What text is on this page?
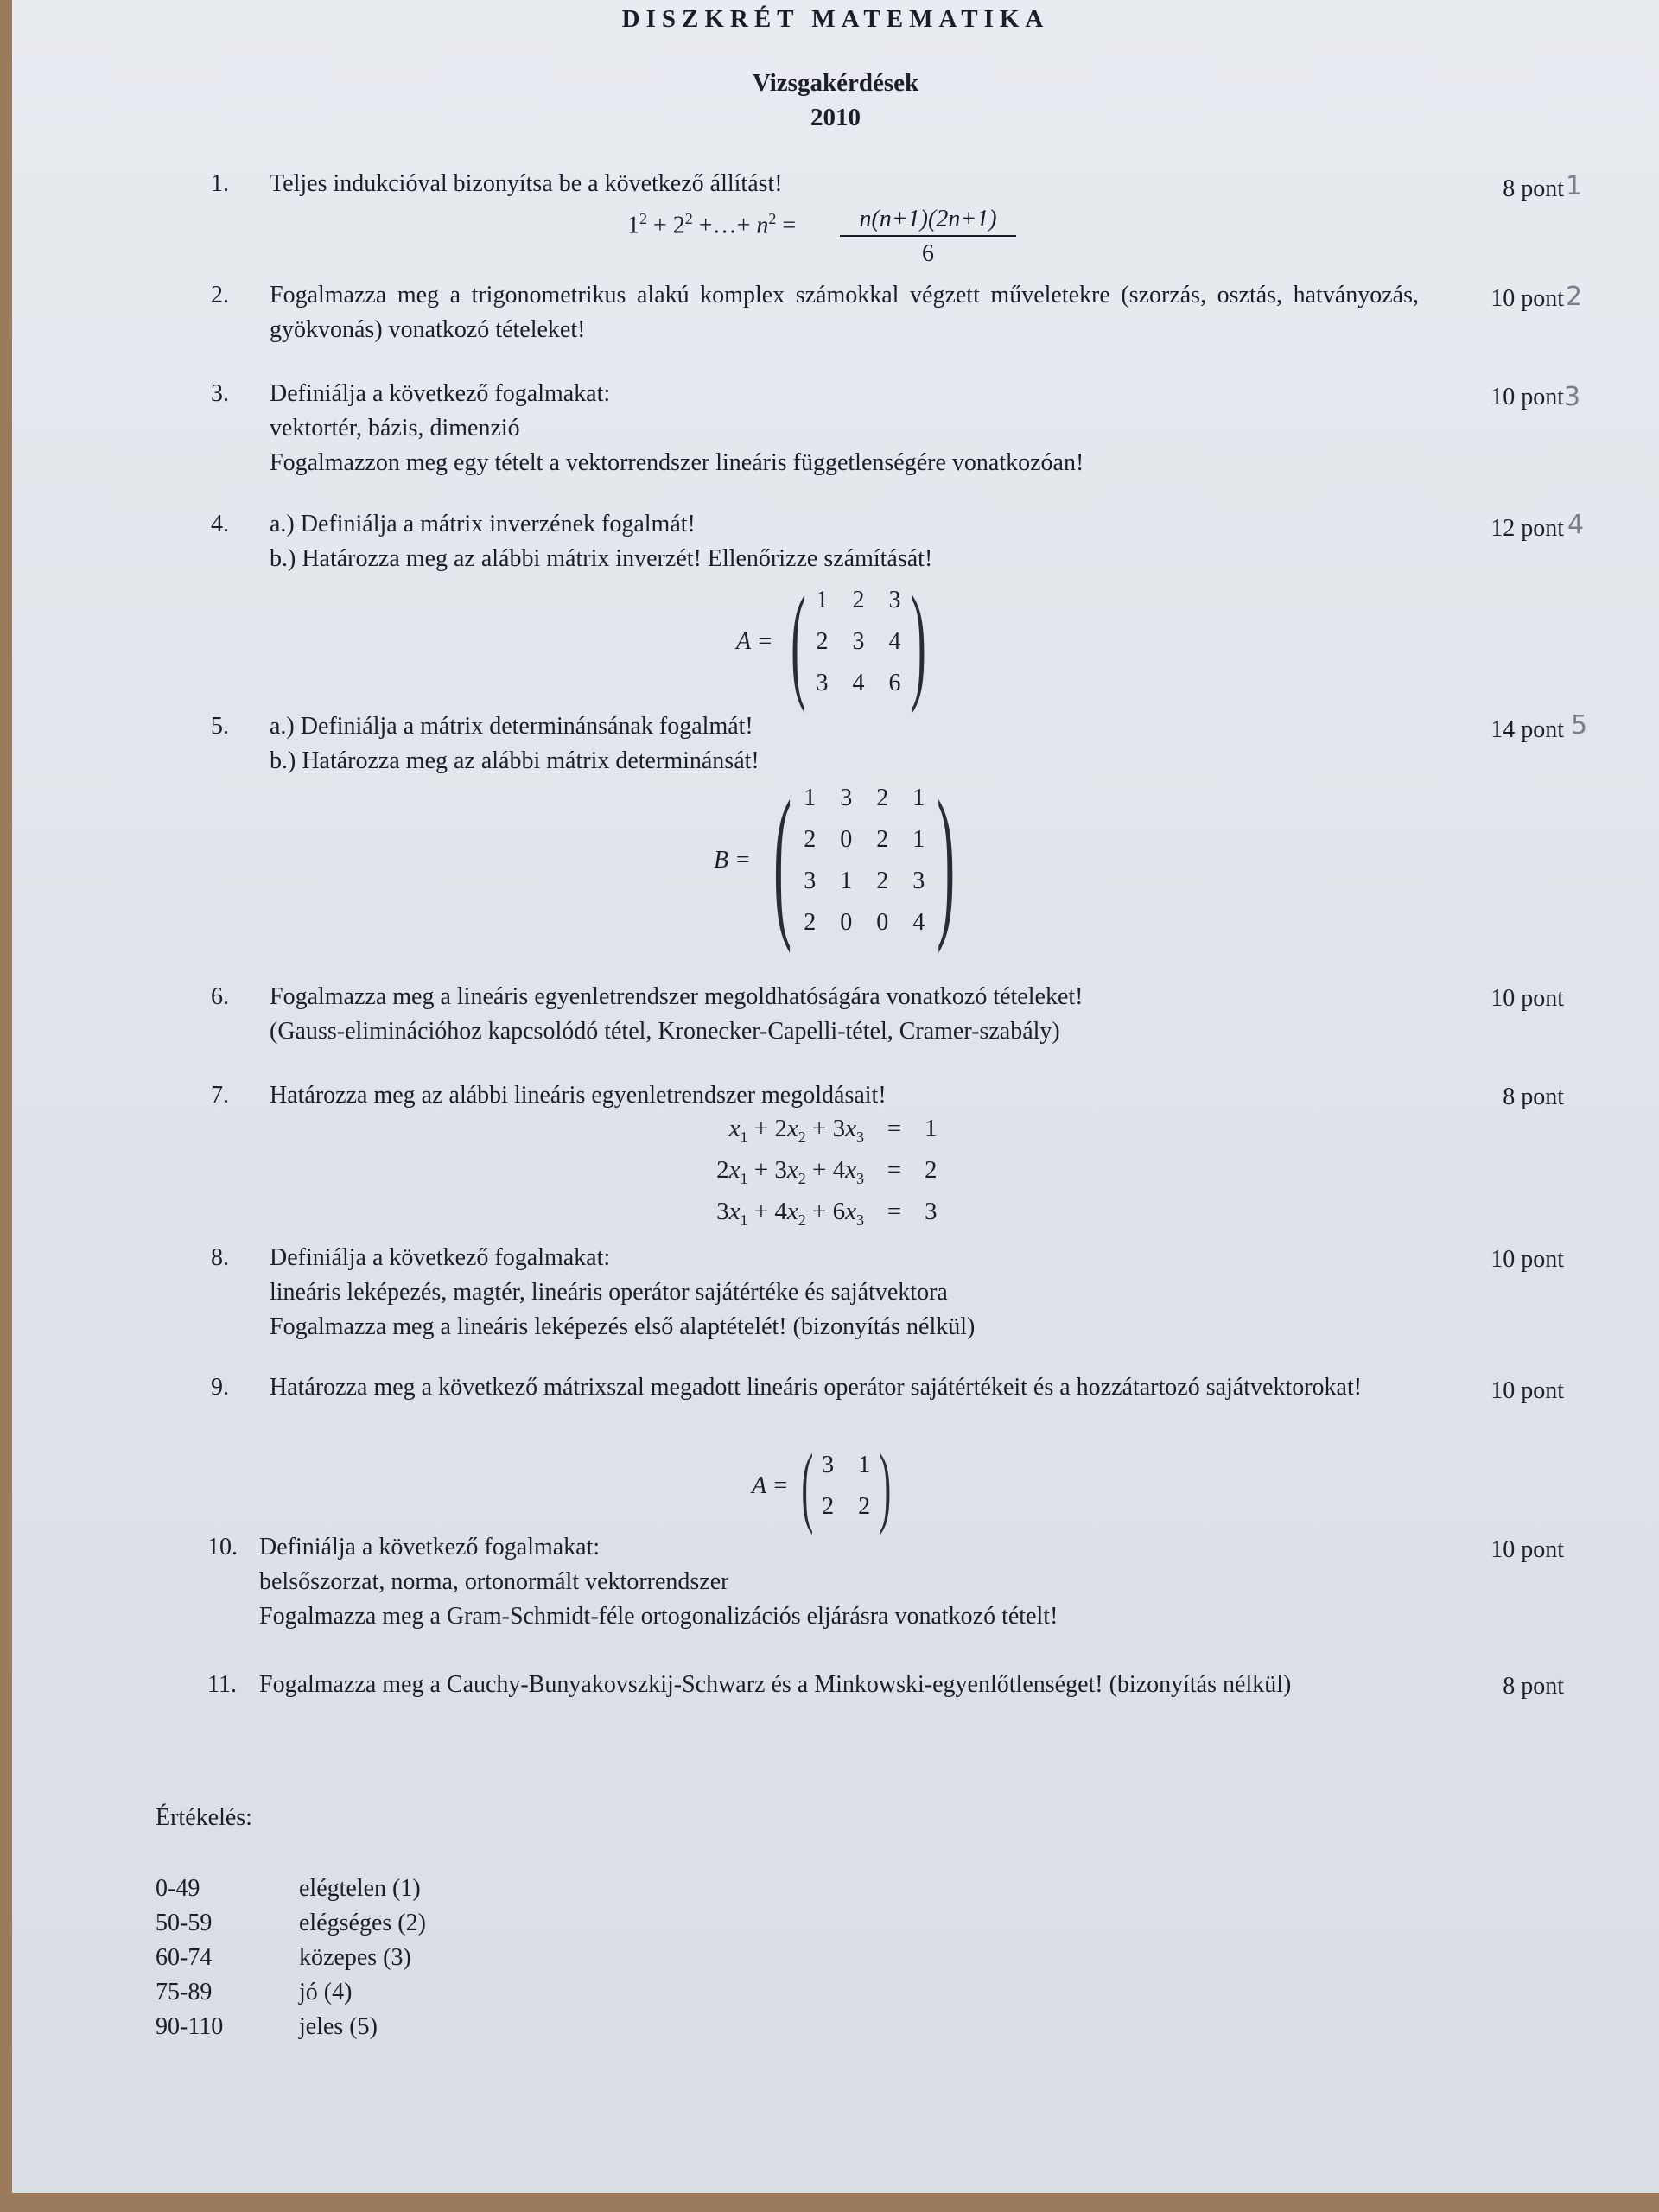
DISZKRÉT MATEMATIKA
Vizsgakérdések
2010
1. Teljes indukcióval bizonyítsa be a következő állítást!	8 pont 1
$1^2 + 2^2$ +…+ $n^2 = \frac{n(n+1)(2n+1)}{6}$
2. Fogalmazza meg a trigonometrikus alakú komplex számokkal végzett műveletekre (szorzás, osztás, hatványozás, gyökvonás) vonatkozó tételeket!

10 pont 2
3. Definiálja a következő fogalmakat:

vektortér, bázis, dimenzió

Fogalmazzon meg egy tételt a vektorrendszer lineáris függetlenségére vonatkozóan!

10 pont 3
4. a.) Definiálja a mátrix inverzének fogalmát!

b.) Határozza meg az alábbi mátrix inverzét! Ellenőrizze számítását!

12 pont 4
A = ( 1	2	3
2	3	4
3	4	6 )
5. a.) Definiálja a mátrix determinánsának fogalmát!

b.) Határozza meg az alábbi mátrix determinánsát!

14 pont 5
B = ( 1	3	2	1
2	0	2	1
3	1	2	3
2	0	0	4 )
6. Fogalmazza meg a lineáris egyenletrendszer megoldhatóságára vonatkozó tételeket!

(Gauss-eliminációhoz kapcsolódó tétel, Kronecker-Capelli-tétel, Cramer-szabály)

10 pont
7. Határozza meg az alábbi lineáris egyenletrendszer megoldásait!	8 pont
$x_1 + 2x_2 + 3x_3 = 1$
$2x_1 + 3x_2 + 4x_3 = 2$
$3x_1 + 4x_2 + 6x_3 = 3$
8. Definiálja a következő fogalmakat:

lineáris leképezés, magtér, lineáris operátor sajátértéke és sajátvektora

Fogalmazza meg a lineáris leképezés első alaptételét! (bizonyítás nélkül)

10 pont
9. Határozza meg a következő mátrixszal megadott lineáris operátor sajátértékeit és a hozzátartozó sajátvektorokat!	10 pont
A = ( 3	1
2	2 )
10. Definiálja a következő fogalmakat:

belsőszorzat, norma, ortonormált vektorrendszer

Fogalmazza meg a Gram-Schmidt-féle ortogonalizációs eljárásra vonatkozó tételt!

10 pont
11. Fogalmazza meg a Cauchy-Bunyakovszkij-Schwarz és a Minkowski-egyenlőtlenséget! (bizonyítás nélkül)	8 pont
Értékelés:
0-49	elégtelen (1)
50-59	elégséges (2)
60-74	közepes (3)
75-89	jó (4)
90-110	jeles (5)
